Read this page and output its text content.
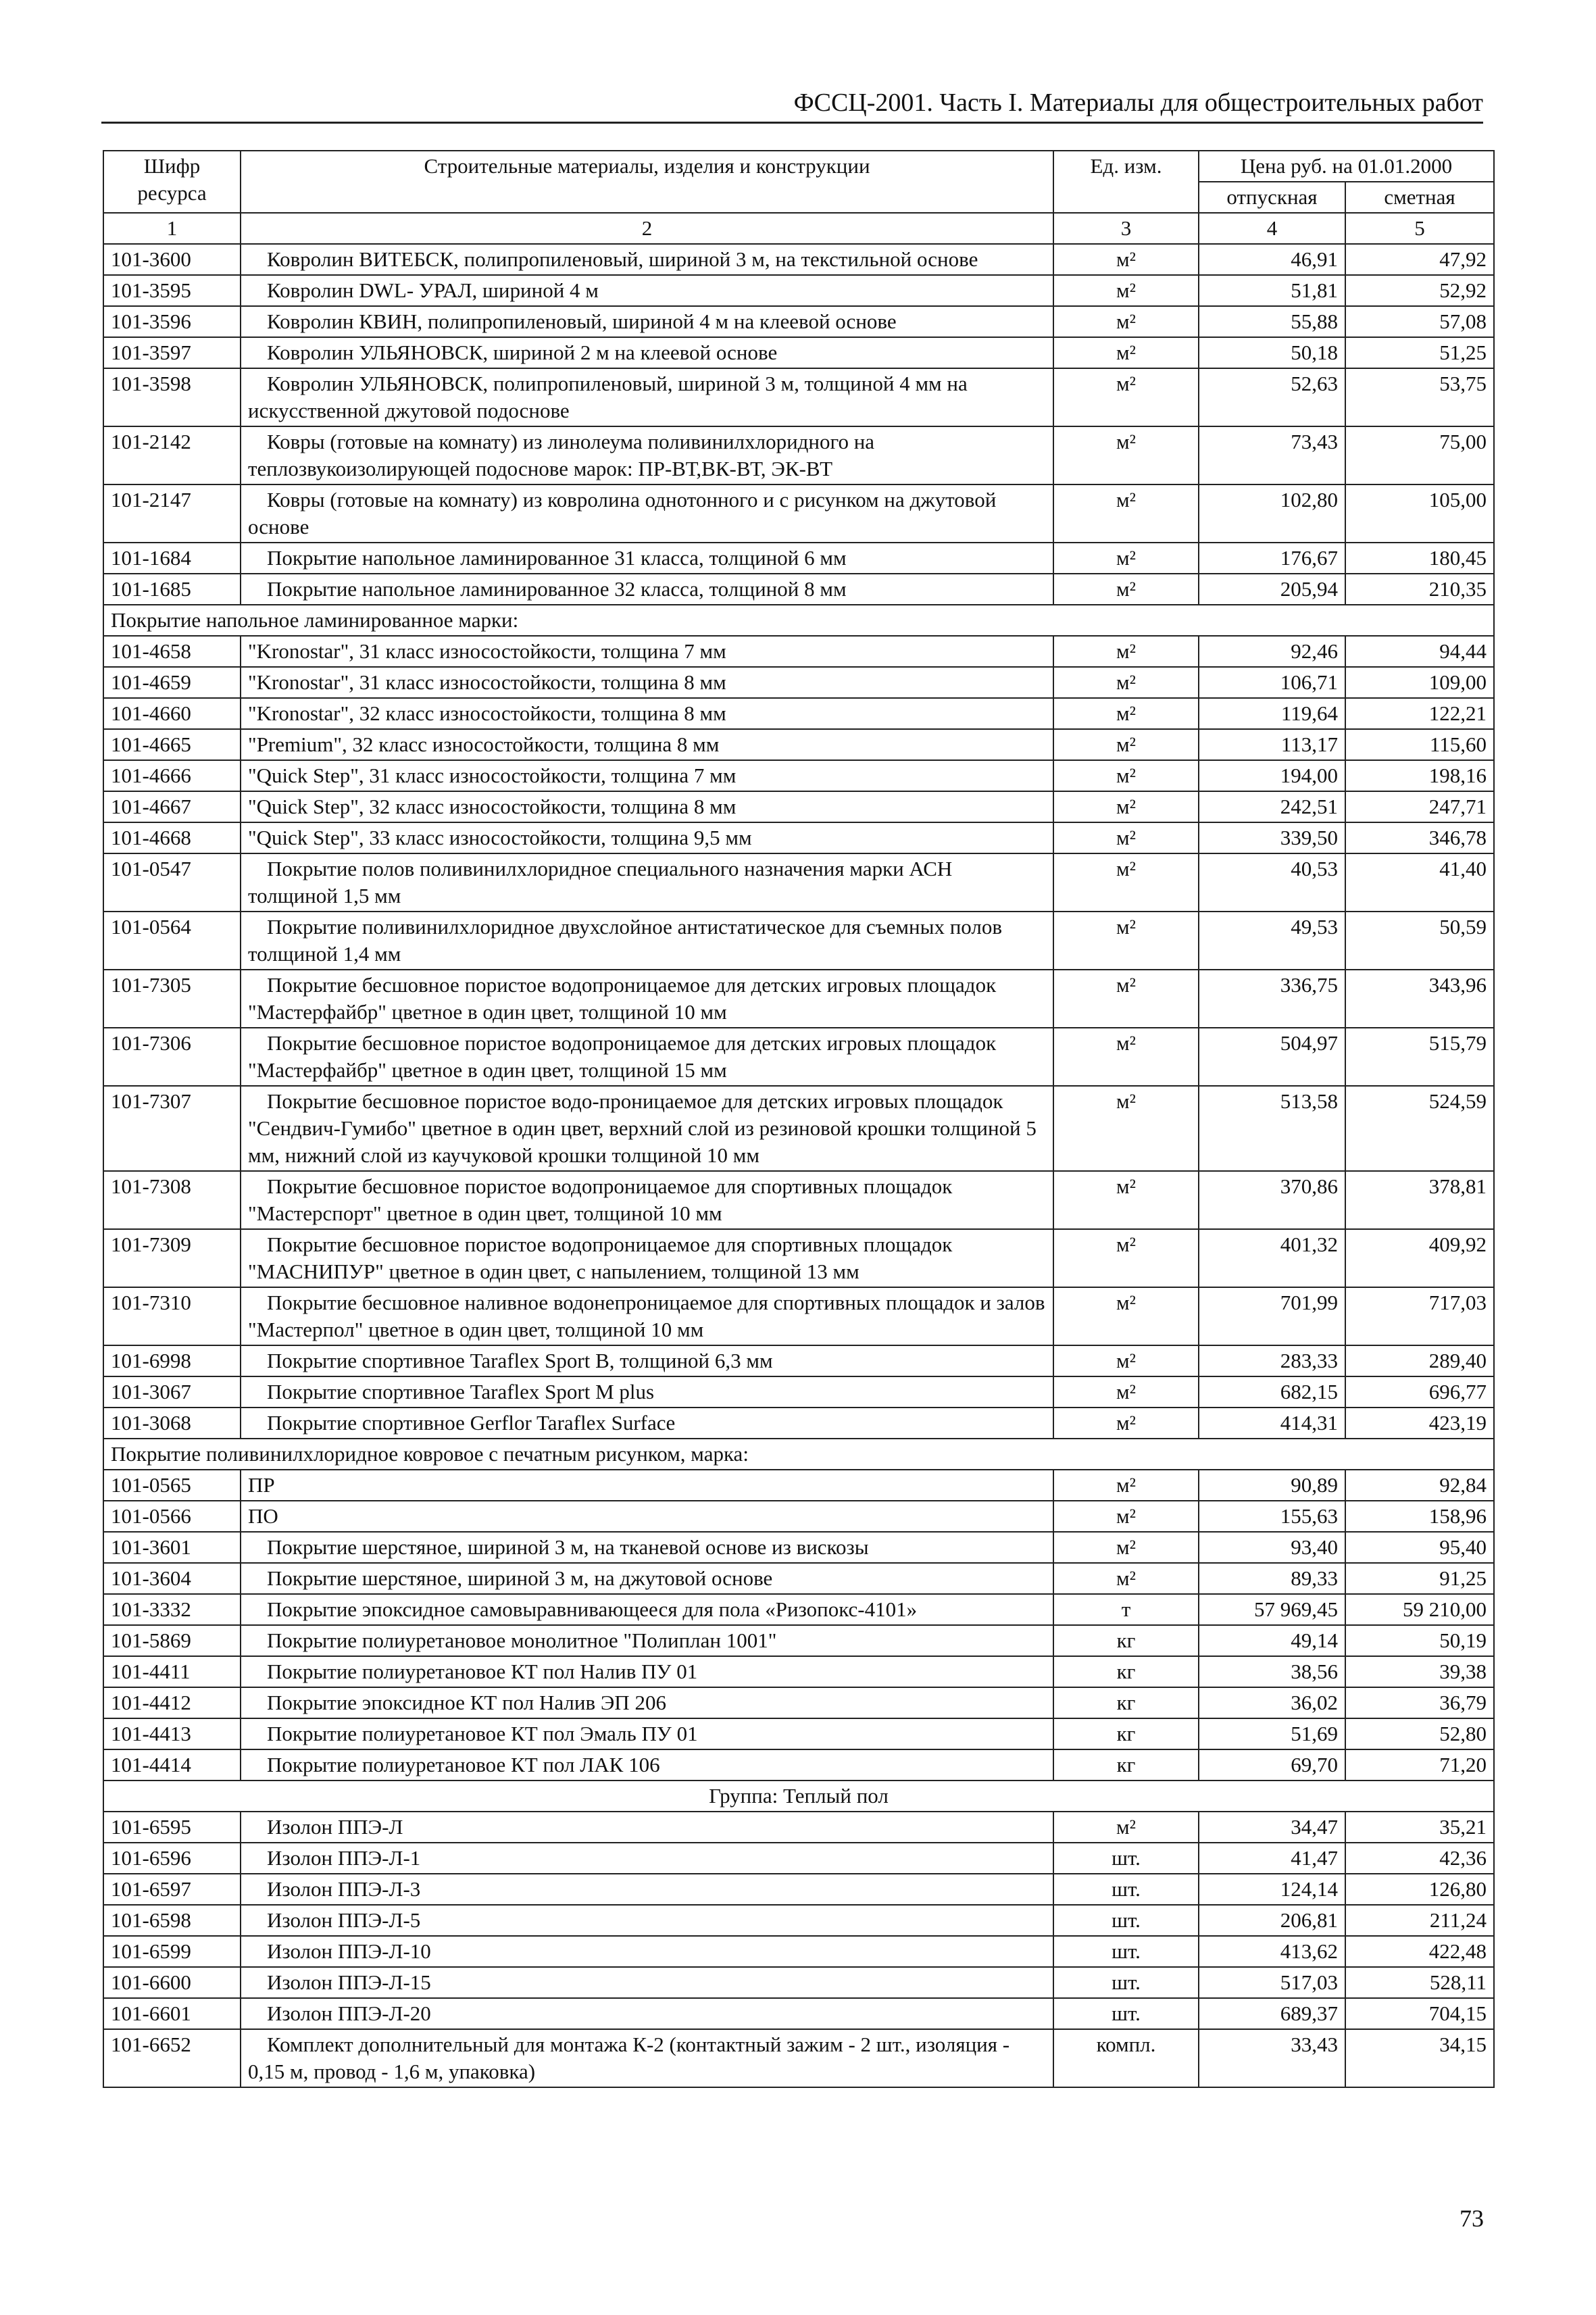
ФССЦ-2001. Часть I. Материалы для общестроительных работ
Шифр ресурса	Строительные материалы, изделия и конструкции	Ед. изм.	Цена руб. на 01.01.2000	
			отпускная	сметная
1	2	3	4	5
101-3600	Ковролин ВИТЕБСК, полипропиленовый, шириной 3 м, на текстильной основе	м²	46,91	47,92
101-3595	Ковролин DWL- УРАЛ, шириной 4 м	м²	51,81	52,92
101-3596	Ковролин КВИН, полипропиленовый, шириной 4 м на клеевой основе	м²	55,88	57,08
101-3597	Ковролин УЛЬЯНОВСК, шириной 2 м на клеевой основе	м²	50,18	51,25
101-3598	Ковролин УЛЬЯНОВСК, полипропиленовый, шириной 3 м, толщиной 4 мм на искусственной джутовой подоснове	м²	52,63	53,75
101-2142	Ковры (готовые на комнату) из линолеума поливинилхлоридного на теплозвукоизолирующей подоснове марок: ПР-ВТ,ВК-ВТ, ЭК-ВТ	м²	73,43	75,00
101-2147	Ковры (готовые на комнату) из ковролина однотонного и с рисунком на джутовой основе	м²	102,80	105,00
101-1684	Покрытие напольное ламинированное 31 класса, толщиной 6 мм	м²	176,67	180,45
101-1685	Покрытие напольное ламинированное 32 класса, толщиной 8 мм	м²	205,94	210,35
Покрытие напольное ламинированное марки:				
101-4658	"Kronostar", 31 класс износостойкости, толщина 7 мм	м²	92,46	94,44
101-4659	"Kronostar", 31 класс износостойкости, толщина 8 мм	м²	106,71	109,00
101-4660	"Kronostar", 32 класс износостойкости, толщина 8 мм	м²	119,64	122,21
101-4665	"Premium", 32 класс износостойкости, толщина 8 мм	м²	113,17	115,60
101-4666	"Quick Step", 31 класс износостойкости, толщина 7 мм	м²	194,00	198,16
101-4667	"Quick Step", 32 класс износостойкости, толщина 8 мм	м²	242,51	247,71
101-4668	"Quick Step", 33 класс износостойкости, толщина 9,5 мм	м²	339,50	346,78
101-0547	Покрытие полов поливинилхлоридное специального назначения марки АСН толщиной 1,5 мм	м²	40,53	41,40
101-0564	Покрытие поливинилхлоридное двухслойное антистатическое для съемных полов толщиной 1,4 мм	м²	49,53	50,59
101-7305	Покрытие бесшовное пористое водопроницаемое для детских игровых площадок "Мастерфайбр" цветное в один цвет, толщиной 10 мм	м²	336,75	343,96
101-7306	Покрытие бесшовное пористое водопроницаемое для детских игровых площадок "Мастерфайбр" цветное в один цвет, толщиной 15 мм	м²	504,97	515,79
101-7307	Покрытие бесшовное пористое водо-проницаемое для детских игровых площадок "Сендвич-Гумибо" цветное в один цвет, верхний слой из резиновой крошки толщиной 5 мм, нижний слой из каучуковой крошки толщиной 10 мм	м²	513,58	524,59
101-7308	Покрытие бесшовное пористое водопроницаемое для спортивных площадок "Мастерспорт" цветное в один цвет, толщиной 10 мм	м²	370,86	378,81
101-7309	Покрытие бесшовное пористое водопроницаемое для спортивных площадок "МАСНИПУР" цветное в один цвет, с напылением, толщиной 13 мм	м²	401,32	409,92
101-7310	Покрытие бесшовное наливное водонепроницаемое для спортивных площадок и залов "Мастерпол" цветное в один цвет, толщиной 10 мм	м²	701,99	717,03
101-6998	Покрытие спортивное Taraflex Sport B, толщиной 6,3 мм	м²	283,33	289,40
101-3067	Покрытие спортивное Taraflex Sport M plus	м²	682,15	696,77
101-3068	Покрытие спортивное Gerflor Taraflex Surface	м²	414,31	423,19
Покрытие поливинилхлоридное ковровое с печатным рисунком, марка:				
101-0565	ПР	м²	90,89	92,84
101-0566	ПО	м²	155,63	158,96
101-3601	Покрытие шерстяное, шириной 3 м, на тканевой основе из вискозы	м²	93,40	95,40
101-3604	Покрытие шерстяное, шириной 3 м, на джутовой основе	м²	89,33	91,25
101-3332	Покрытие эпоксидное самовыравнивающееся для пола «Ризопокс-4101»	т	57 969,45	59 210,00
101-5869	Покрытие полиуретановое монолитное "Полиплан 1001"	кг	49,14	50,19
101-4411	Покрытие полиуретановое КТ пол Налив ПУ 01	кг	38,56	39,38
101-4412	Покрытие эпоксидное КТ пол Налив ЭП 206	кг	36,02	36,79
101-4413	Покрытие полиуретановое КТ пол Эмаль ПУ 01	кг	51,69	52,80
101-4414	Покрытие полиуретановое КТ пол ЛАК 106	кг	69,70	71,20
Группа: Теплый пол				
101-6595	Изолон ППЭ-Л	м²	34,47	35,21
101-6596	Изолон ППЭ-Л-1	шт.	41,47	42,36
101-6597	Изолон ППЭ-Л-3	шт.	124,14	126,80
101-6598	Изолон ППЭ-Л-5	шт.	206,81	211,24
101-6599	Изолон ППЭ-Л-10	шт.	413,62	422,48
101-6600	Изолон ППЭ-Л-15	шт.	517,03	528,11
101-6601	Изолон ППЭ-Л-20	шт.	689,37	704,15
101-6652	Комплект дополнительный для монтажа К-2 (контактный зажим - 2 шт., изоляция - 0,15 м, провод - 1,6 м, упаковка)	компл.	33,43	34,15
73
